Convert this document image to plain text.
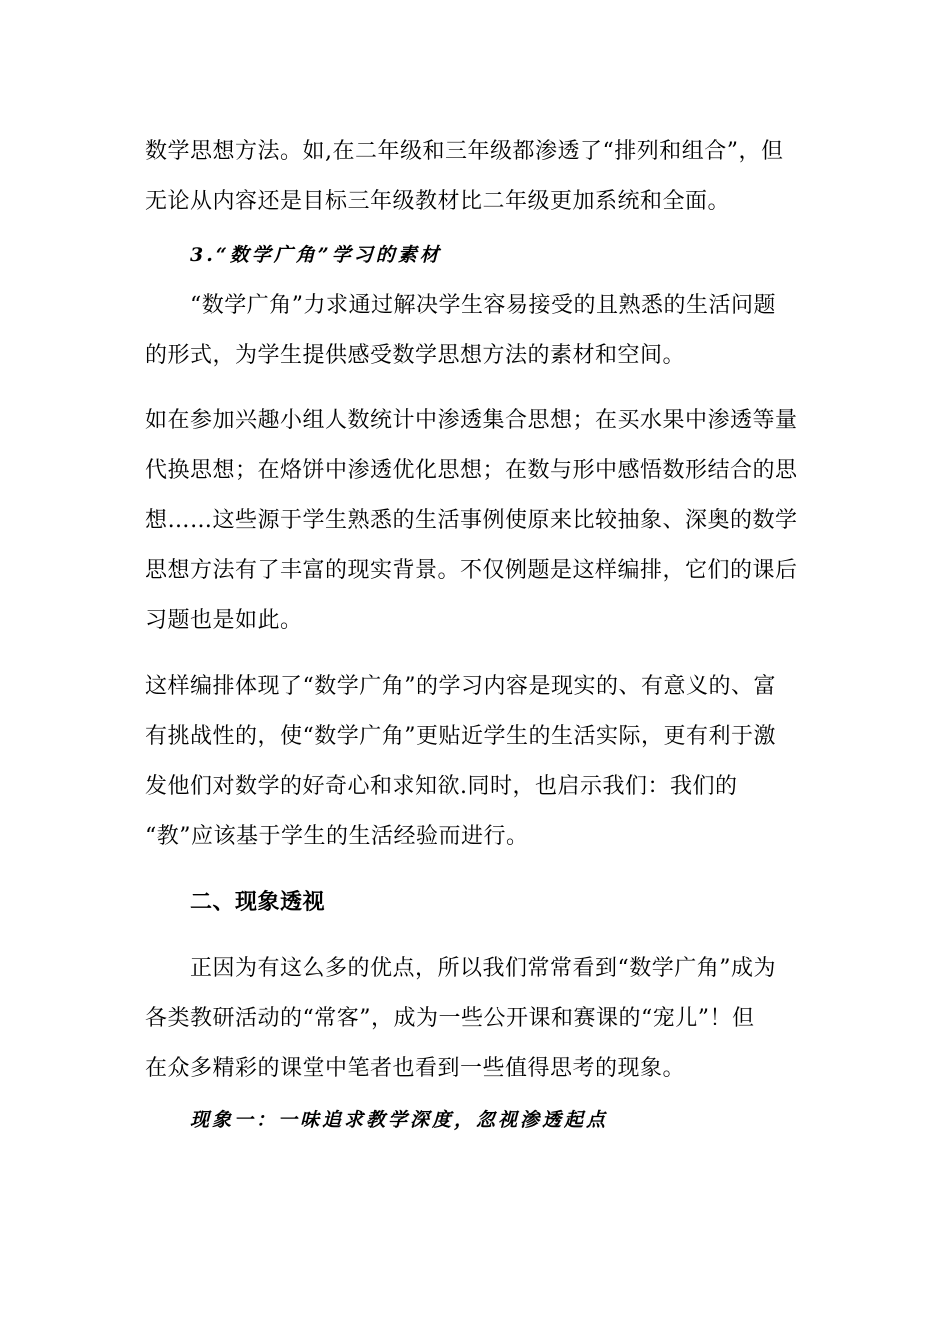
数学思想方法。如,在二年级和三年级都渗透了“排列和组合”，但

无论从内容还是目标三年级教材比二年级更加系统和全面。

3.“数学广角”学习的素材

“数学广角”力求通过解决学生容易接受的且熟悉的生活问题

的形式，为学生提供感受数学思想方法的素材和空间。

如在参加兴趣小组人数统计中渗透集合思想；在买水果中渗透等量

代换思想；在烙饼中渗透优化思想；在数与形中感悟数形结合的思

想……这些源于学生熟悉的生活事例使原来比较抽象、深奥的数学

思想方法有了丰富的现实背景。不仅例题是这样编排，它们的课后

习题也是如此。

这样编排体现了“数学广角”的学习内容是现实的、有意义的、富

有挑战性的，使“数学广角”更贴近学生的生活实际，更有利于激

发他们对数学的好奇心和求知欲.同时，也启示我们：我们的

“教”应该基于学生的生活经验而进行。

二、现象透视

正因为有这么多的优点，所以我们常常看到“数学广角”成为

各类教研活动的“常客”，成为一些公开课和赛课的“宠儿”！但

在众多精彩的课堂中笔者也看到一些值得思考的现象。

现象一：一味追求教学深度，忽视渗透起点
